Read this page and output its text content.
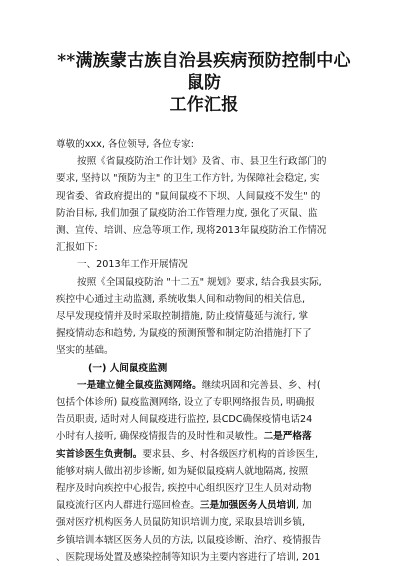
**满族蒙古族自治县疾病预防控制中心鼠防
工作汇报
尊敬的xxx, 各位领导, 各位专家:
按照《省鼠疫防治工作计划》及省、市、县卫生行政部门的
要求, 坚持以 "预防为主" 的卫生工作方针, 为保障社会稳定, 实
现省委、省政府提出的 "鼠间鼠疫不下坝、人间鼠疫不发生" 的
防治目标, 我们加强了鼠疫防治工作管理力度, 强化了灭鼠、监
测、宣传、培训、应急等项工作, 现将2013年鼠疫防治工作情况
汇报如下:
一、2013年工作开展情况
按照《全国鼠疫防治 "十二五" 规划》要求, 结合我县实际,
疾控中心通过主动监测, 系统收集人间和动物间的相关信息,
尽早发现疫情并及时采取控制措施, 防止疫情蔓延与流行, 掌
握疫情动态和趋势, 为鼠疫的预测预警和制定防治措施打下了
坚实的基础。
(一) 人间鼠疫监测
一是建立健全鼠疫监测网络。继续巩固和完善县、乡、村(
包括个体诊所) 鼠疫监测网络, 设立了专职网络报告员, 明确报
告员职责, 适时对人间鼠疫进行监控, 县CDC确保疫情电话24
小时有人接听, 确保疫情报告的及时性和灵敏性。二是严格落
实首诊医生负责制。要求县、乡、村各级医疗机构的首诊医生,
能够对病人做出初步诊断, 如为疑似鼠疫病人就地隔离, 按照
程序及时向疾控中心报告, 疾控中心组织医疗卫生人员对动物
鼠疫流行区内人群进行巡回检查。三是加强医务人员培训, 加
强对医疗机构医务人员鼠防知识培训力度, 采取县培训乡镇,
乡镇培训本辖区医务人员的方法, 以鼠疫诊断、治疗、疫情报告
、医院现场处置及感染控制等知识为主要内容进行了培训, 201
